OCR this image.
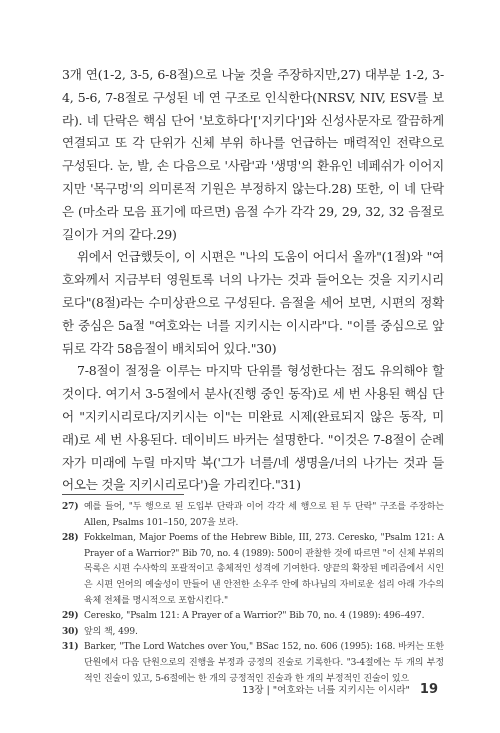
3개 연(1-2, 3-5, 6-8절)으로 나눌 것을 주장하지만,27) 대부분 1-2, 3-4, 5-6, 7-8절로 구성된 네 연 구조로 인식한다(NRSV, NIV, ESV를 보라). 네 단락은 핵심 단어 '보호하다'['지키다']와 신성사문자로 깔끔하게 연결되고 또 각 단위가 신체 부위 하나를 언급하는 매력적인 전략으로 구성된다. 눈, 발, 손 다음으로 '사람'과 '생명'의 환유인 네페쉬가 이어지지만 '목구멍'의 의미론적 기원은 부정하지 않는다.28) 또한, 이 네 단락은 (마소라 모음 표기에 따르면) 음절 수가 각각 29, 29, 32, 32 음절로 길이가 거의 같다.29)

위에서 언급했듯이, 이 시편은 "나의 도움이 어디서 올까"(1절)와 "여호와께서 지금부터 영원토록 너의 나가는 것과 들어오는 것을 지키시리로다"(8절)라는 수미상관으로 구성된다. 음절을 세어 보면, 시편의 정확한 중심은 5a절 "여호와는 너를 지키시는 이시라"다. "이를 중심으로 앞뒤로 각각 58음절이 배치되어 있다."30)

7-8절이 절정을 이루는 마지막 단위를 형성한다는 점도 유의해야 할 것이다. 여기서 3-5절에서 분사(진행 중인 동작)로 세 번 사용된 핵심 단어 "지키시리로다/지키시는 이"는 미완료 시제(완료되지 않은 동작, 미래)로 세 번 사용된다. 데이비드 바커는 설명한다. "이것은 7-8절이 순례자가 미래에 누릴 마지막 복('그가 너를/네 생명을/너의 나가는 것과 들어오는 것을 지키시리로다')을 가리킨다."31)

27) 예를 들어, "두 행으로 된 도입부 단락과 이어 각각 세 행으로 된 두 단락" 구조를 주장하는 Allen, Psalms 101–150, 207을 보라.
28) Fokkelman, Major Poems of the Hebrew Bible, III, 273. Ceresko, "Psalm 121: A Prayer of a Warrior?" Bib 70, no. 4 (1989): 500이 관찰한 것에 따르면 "이 신체 부위의 목록은 시편 수사학의 포괄적이고 총체적인 성격에 기여한다. 양끝의 확장된 메리즘에서 시인은 시편 언어의 예술성이 만들어 낸 안전한 소우주 안에 하나님의 자비로운 섭리 아래 가수의 육체 전체를 명시적으로 포함시킨다."
29) Ceresko, "Psalm 121: A Prayer of a Warrior?" Bib 70, no. 4 (1989): 496–497.
30) 앞의 책, 499.
31) Barker, "The Lord Watches over You," BSac 152, no. 606 (1995): 168. 바커는 또한 단원에서 다음 단원으로의 진행을 부정과 긍정의 진술로 기록한다. "3-4절에는 두 개의 부정적인 진술이 있고, 5-6절에는 한 개의 긍정적인 진술과 한 개의 부정적인 진술이 있으
13장 | "여호와는 너를 지키시는 이시라" 19
